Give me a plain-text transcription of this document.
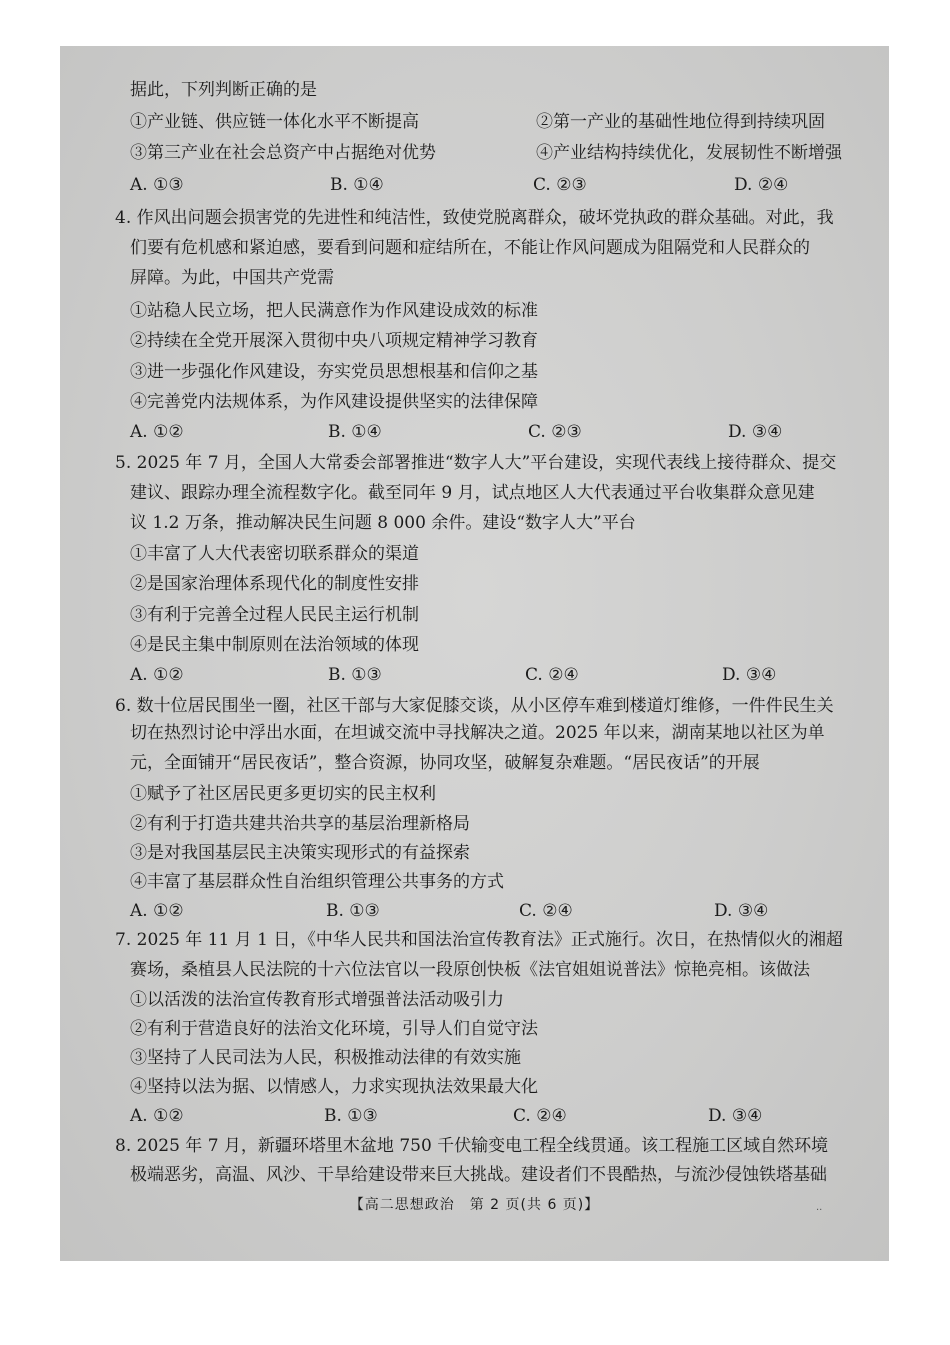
据此，下列判断正确的是
①产业链、供应链一体化水平不断提高	②第一产业的基础性地位得到持续巩固
③第三产业在社会总资产中占据绝对优势	④产业结构持续优化，发展韧性不断增强
A. ①③	B. ①④	C. ②③	D. ②④
4. 作风出问题会损害党的先进性和纯洁性，致使党脱离群众，破坏党执政的群众基础。对此，我
们要有危机感和紧迫感，要看到问题和症结所在，不能让作风问题成为阻隔党和人民群众的
屏障。为此，中国共产党需
①站稳人民立场，把人民满意作为作风建设成效的标准
②持续在全党开展深入贯彻中央八项规定精神学习教育
③进一步强化作风建设，夯实党员思想根基和信仰之基
④完善党内法规体系，为作风建设提供坚实的法律保障
A. ①②	B. ①④	C. ②③	D. ③④
5. 2025 年 7 月，全国人大常委会部署推进“数字人大”平台建设，实现代表线上接待群众、提交
建议、跟踪办理全流程数字化。截至同年 9 月，试点地区人大代表通过平台收集群众意见建
议 1.2 万条，推动解决民生问题 8 000 余件。建设“数字人大”平台
①丰富了人大代表密切联系群众的渠道
②是国家治理体系现代化的制度性安排
③有利于完善全过程人民民主运行机制
④是民主集中制原则在法治领域的体现
A. ①②	B. ①③	C. ②④	D. ③④
6. 数十位居民围坐一圈，社区干部与大家促膝交谈，从小区停车难到楼道灯维修，一件件民生关
切在热烈讨论中浮出水面，在坦诚交流中寻找解决之道。2025 年以来，湖南某地以社区为单
元，全面铺开“居民夜话”，整合资源，协同攻坚，破解复杂难题。“居民夜话”的开展
①赋予了社区居民更多更切实的民主权利
②有利于打造共建共治共享的基层治理新格局
③是对我国基层民主决策实现形式的有益探索
④丰富了基层群众性自治组织管理公共事务的方式
A. ①②	B. ①③	C. ②④	D. ③④
7. 2025 年 11 月 1 日，《中华人民共和国法治宣传教育法》正式施行。次日，在热情似火的湘超
赛场，桑植县人民法院的十六位法官以一段原创快板《法官姐姐说普法》惊艳亮相。该做法
①以活泼的法治宣传教育形式增强普法活动吸引力
②有利于营造良好的法治文化环境，引导人们自觉守法
③坚持了人民司法为人民，积极推动法律的有效实施
④坚持以法为据、以情感人，力求实现执法效果最大化
A. ①②	B. ①③	C. ②④	D. ③④
8. 2025 年 7 月，新疆环塔里木盆地 750 千伏输变电工程全线贯通。该工程施工区域自然环境
极端恶劣，高温、风沙、干旱给建设带来巨大挑战。建设者们不畏酷热，与流沙侵蚀铁塔基础
【高二思想政治　第 2 页(共 6 页)】	..
